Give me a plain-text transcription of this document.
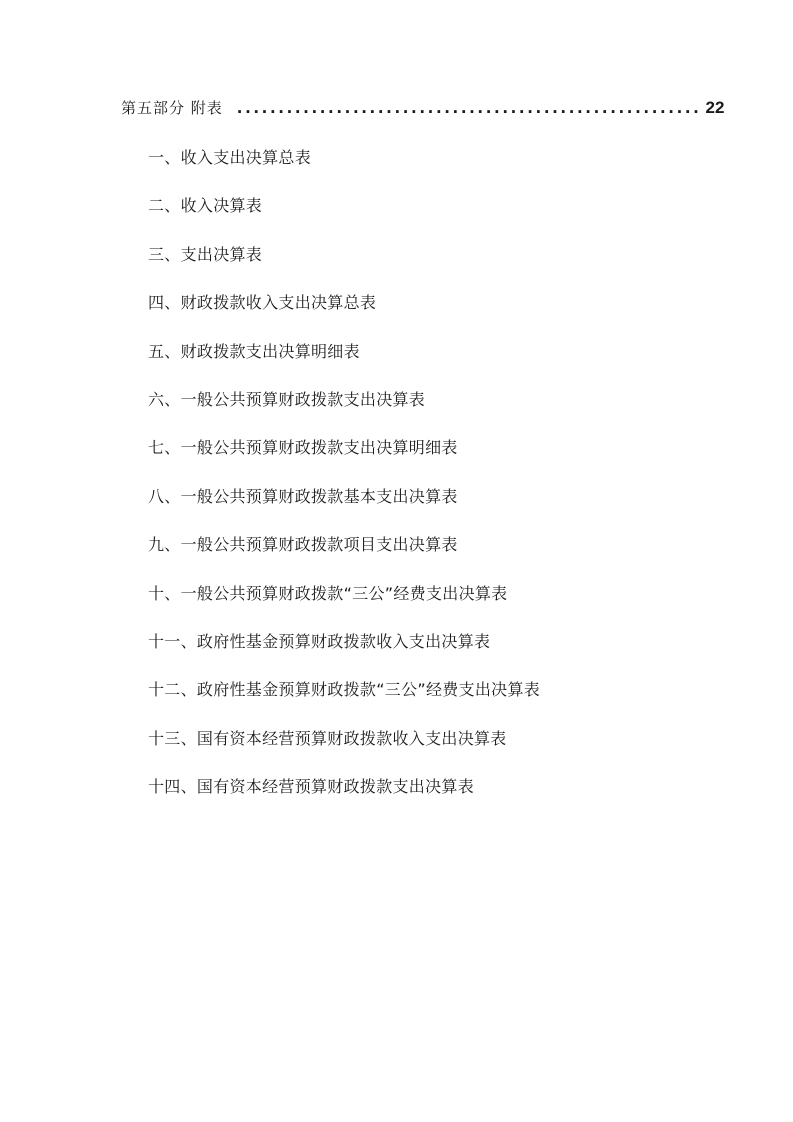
第五部分 附表 ........................................................ 22
一、收入支出决算总表
二、收入决算表
三、支出决算表
四、财政拨款收入支出决算总表
五、财政拨款支出决算明细表
六、一般公共预算财政拨款支出决算表
七、一般公共预算财政拨款支出决算明细表
八、一般公共预算财政拨款基本支出决算表
九、一般公共预算财政拨款项目支出决算表
十、一般公共预算财政拨款“三公”经费支出决算表
十一、政府性基金预算财政拨款收入支出决算表
十二、政府性基金预算财政拨款“三公”经费支出决算表
十三、国有资本经营预算财政拨款收入支出决算表
十四、国有资本经营预算财政拨款支出决算表
